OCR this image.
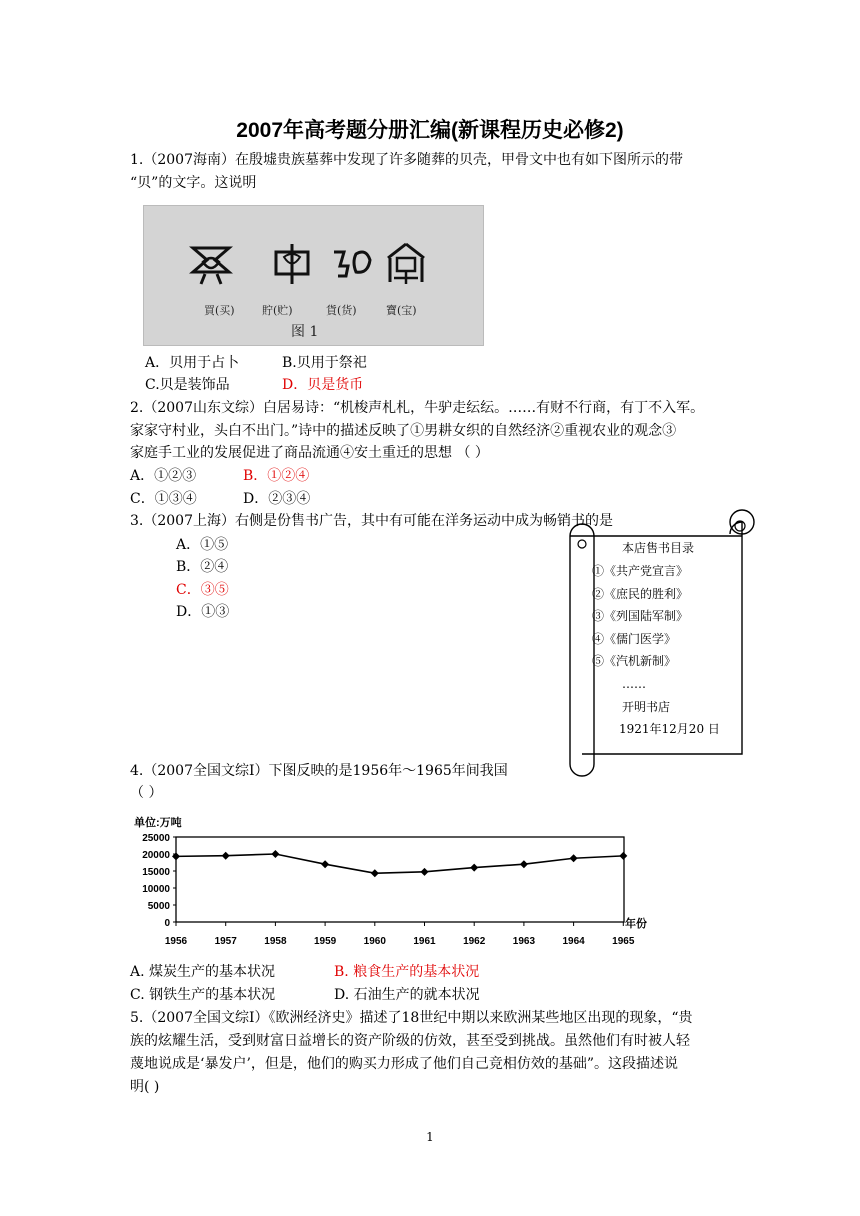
2007年高考题分册汇编(新课程历史必修2)
1.（2007海南）在殷墟贵族墓葬中发现了许多随葬的贝壳，甲骨文中也有如下图所示的带
“贝”的文字。这说明
買(买) 貯(贮)	貨(货)	寶(宝)
图 1
A．贝用于占卜	B.贝用于祭祀
C.贝是装饰品	D．贝是货币
2.（2007山东文综）白居易诗：“机梭声札札，牛驴走纭纭。……有财不行商，有丁不入军。
家家守村业，头白不出门。”诗中的描述反映了①男耕女织的自然经济②重视农业的观念③
家庭手工业的发展促进了商品流通④安土重迁的思想 （ ）
A．①②③	B．①②④
C．①③④	D．②③④
3.（2007上海）右侧是份售书广告，其中有可能在洋务运动中成为畅销书的是
A．①⑤
B．②④
C．③⑤
D．①③
本店售书目录
①《共产党宣言》
②《庶民的胜利》
③《列国陆军制》
④《儒门医学》
⑤《汽机新制》
……
开明书店
1921年12月20 日
4.（2007全国文综Ⅰ）下图反映的是1956年～1965年间我国
（ ）
单位:万吨
25000
20000
15000
10000
5000
0
1956	1957	1958	1959	1960	1961	1962	1963	1964	1965
年份
A. 煤炭生产的基本状况	B. 粮食生产的基本状况
C. 钢铁生产的基本状况	D. 石油生产的就本状况
5.（2007全国文综Ⅰ）《欧洲经济史》描述了18世纪中期以来欧洲某些地区出现的现象，“贵
族的炫耀生活，受到财富日益增长的资产阶级的仿效，甚至受到挑战。虽然他们有时被人轻
蔑地说成是‘暴发户’，但是，他们的购买力形成了他们自己竞相仿效的基础”。这段描述说
明( )
1
